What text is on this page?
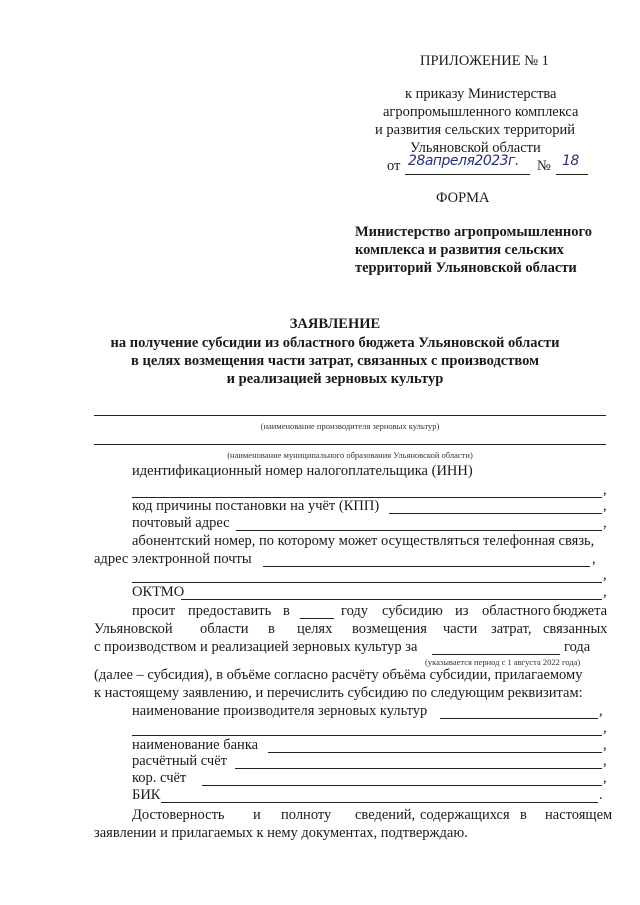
ПРИЛОЖЕНИЕ № 1
к приказу Министерства
агропромышленного комплекса
и развития сельских территорий
Ульяновской области
от 28апреля2023г. № 18
ФОРМА
Министерство агропромышленного
комплекса и развития сельских
территорий Ульяновской области
ЗАЯВЛЕНИЕ
на получение субсидии из областного бюджета Ульяновской области
в целях возмещения части затрат, связанных с производством
и реализацией зерновых культур
(наименование производителя зерновых культур)
(наименование муниципального образования Ульяновской области)
идентификационный номер налогоплательщика (ИНН)
,
код причины постановки на учёт (КПП)	,
почтовый адрес	,
абонентский номер, по которому может осуществляться телефонная связь,
адрес электронной почты	,
,
ОКТМО	,
просит предоставить в	году субсидию из областного бюджета
Ульяновской области в целях возмещения части затрат, связанных
с производством и реализацией зерновых культур за	года
(указывается период с 1 августа 2022 года)
(далее – субсидия), в объёме согласно расчёту объёма субсидии, прилагаемому
к настоящему заявлению, и перечислить субсидию по следующим реквизитам:
наименование производителя зерновых культур	,
,
наименование банка	,
расчётный счёт	,
кор. счёт	,
БИК	.
Достоверность и полноту сведений, содержащихся в настоящем
заявлении и прилагаемых к нему документах, подтверждаю.
